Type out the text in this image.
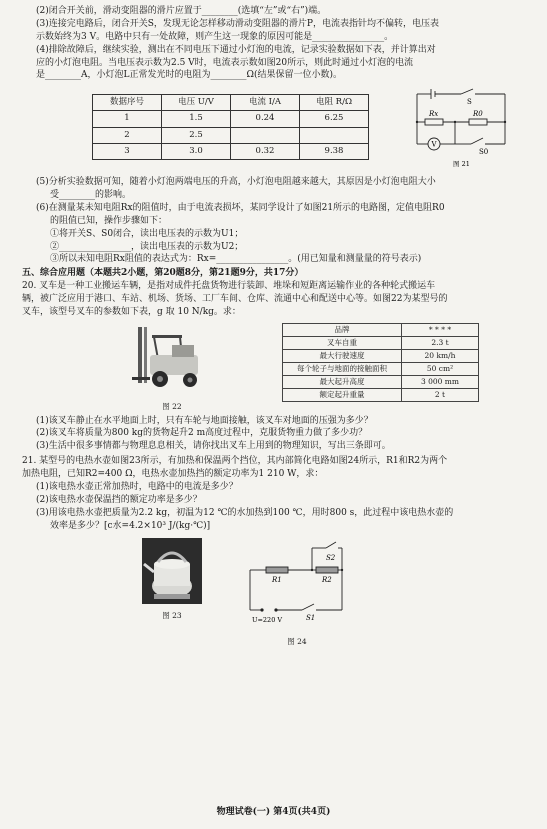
(2)闭合开关前，滑动变阻器的滑片应置于________(选填“左”或“右”)端。

(3)连接完电路后，闭合开关S，发现无论怎样移动滑动变阻器的滑片P，电流表指针均不偏转，电压表

示数始终为3 V。电路中只有一处故障，则产生这一现象的原因可能是________________。

(4)排除故障后，继续实验，测出在不同电压下通过小灯泡的电流，记录实验数据如下表，并计算出对

应的小灯泡电阻。当电压表示数为2.5 V时，电流表示数如图20所示，则此时通过小灯泡的电流

是________A，小灯泡L正常发光时的电阻为________Ω(结果保留一位小数)。

数据序号	电压 U/V	电流 I/A	电阻 R/Ω
1	1.5	0.24	6.25
2	2.5		
3	3.0	0.32	9.38
S
Rx	R0
V
S0
图 21

(5)分析实验数据可知，随着小灯泡两端电压的升高，小灯泡电阻越来越大，其原因是小灯泡电阻大小

受________的影响。

(6)在测量某未知电阻Rx的阻值时，由于电流表损坏，某同学设计了如图21所示的电路图，定值电阻R0

的阻值已知，操作步骤如下：

①将开关S、S0闭合，读出电压表的示数为U1；

②________________，读出电压表的示数为U2；

③所以未知电阻Rx阻值的表达式为：Rx=________________。(用已知量和测量量的符号表示)

五、综合应用题（本题共2小题，第20题8分，第21题9分，共17分）

20. 叉车是一种工业搬运车辆，是指对成件托盘货物进行装卸、堆垛和短距离运输作业的各种轮式搬运车

辆，被广泛应用于港口、车站、机场、货场、工厂车间、仓库、流通中心和配送中心等。如图22为某型号的

叉车，该型号叉车的参数如下表，g 取 10 N/kg。求：

图 22
品牌	* * * *
叉车自重	2.3 t
最大行驶速度	20 km/h
每个轮子与地面的接触面积	50 cm²
最大起升高度	3 000 mm
额定起升重量	2 t

(1)该叉车静止在水平地面上时，只有车轮与地面接触，该叉车对地面的压强为多少？

(2)该叉车将质量为800 kg的货物起升2 m高度过程中，克服货物重力做了多少功？

(3)生活中很多事情都与物理息息相关，请你找出叉车上用到的物理知识，写出三条即可。

21. 某型号的电热水壶如图23所示，有加热和保温两个挡位，其内部简化电路如图24所示，R1和R2为两个

加热电阻，已知R2=400 Ω，电热水壶加热挡的额定功率为1 210 W，求：

(1)该电热水壶正常加热时，电路中的电流是多少？

(2)该电热水壶保温挡的额定功率是多少？

(3)用该电热水壶把质量为2.2 kg，初温为12 ℃的水加热到100 ℃，用时800 s，此过程中该电热水壶的

效率是多少？[c水=4.2×10³ J/(kg·℃)]

图 23
S2
R1	R2
U=220 V	S1
图 24
物理试卷(一) 第4页(共4页)
